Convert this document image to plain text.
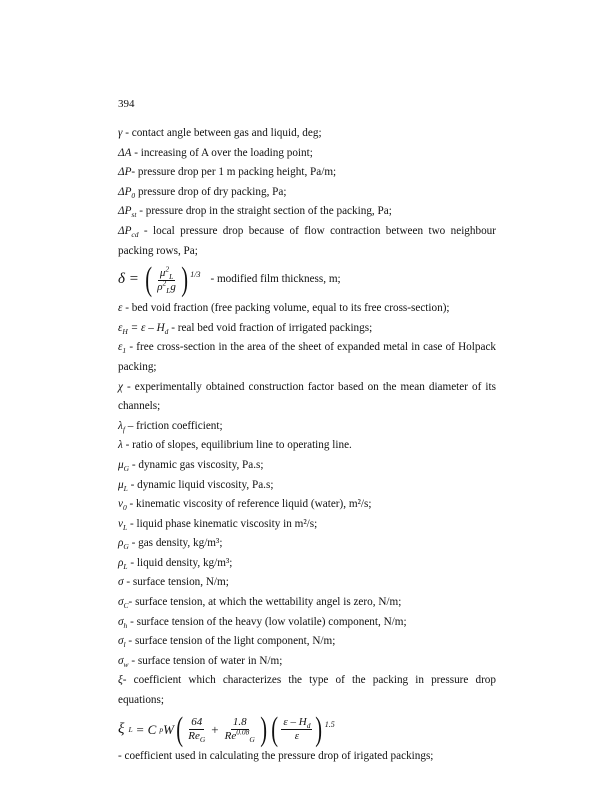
394

γ - contact angle between gas and liquid, deg;

ΔA - increasing of A over the loading point;

ΔP- pressure drop per 1 m packing height, Pa/m;

$\Delta P_0$ pressure drop of dry packing, Pa;

$\Delta P_{st}$ - pressure drop in the straight section of the packing, Pa;

$\Delta P_{cd}$ - local pressure drop because of flow contraction between two neighbour packing rows, Pa;

δ = ( $\frac{\mu^2_L}{\rho^2_Lg}$ ) 1/3 - modified film thickness, m;

ε - bed void fraction (free packing volume, equal to its free cross-section);

$\varepsilon_H = \varepsilon - H_d$ - real bed void fraction of irrigated packings;

$\varepsilon_1$ - free cross-section in the area of the sheet of expanded metal in case of Holpack packing;

χ - experimentally obtained construction factor based on the mean diameter of its channels;

$\lambda_f$ – friction coefficient;

λ - ratio of slopes, equilibrium line to operating line.

$\mu_G$ - dynamic gas viscosity, Pa.s;

$\mu_L$ - dynamic liquid viscosity, Pa.s;

$\nu_0$ - kinematic viscosity of reference liquid (water), m²/s;

$\nu_L$ - liquid phase kinematic viscosity in m²/s;

$\rho_G$ - gas density, kg/m³;

$\rho_L$ - liquid density, kg/m³;

σ - surface tension, N/m;

$\sigma_C-$ surface tension, at which the wettability angel is zero, N/m;

$\sigma_h$ - surface tension of the heavy (low volatile) component, N/m;

$\sigma_l$ - surface tension of the light component, N/m;

$\sigma_w$ - surface tension of water in N/m;

ξ- coefficient which characterizes the type of the packing in pressure drop equations;

ξ L = C p W ( $\frac{64}{Re_G} + \frac{1.8}{Re^{0.08}_G}$ ) ( $\frac{\varepsilon - H_d}{\varepsilon}$ ) 1.5

- coefficient used in calculating the pressure drop of irigated packings;
